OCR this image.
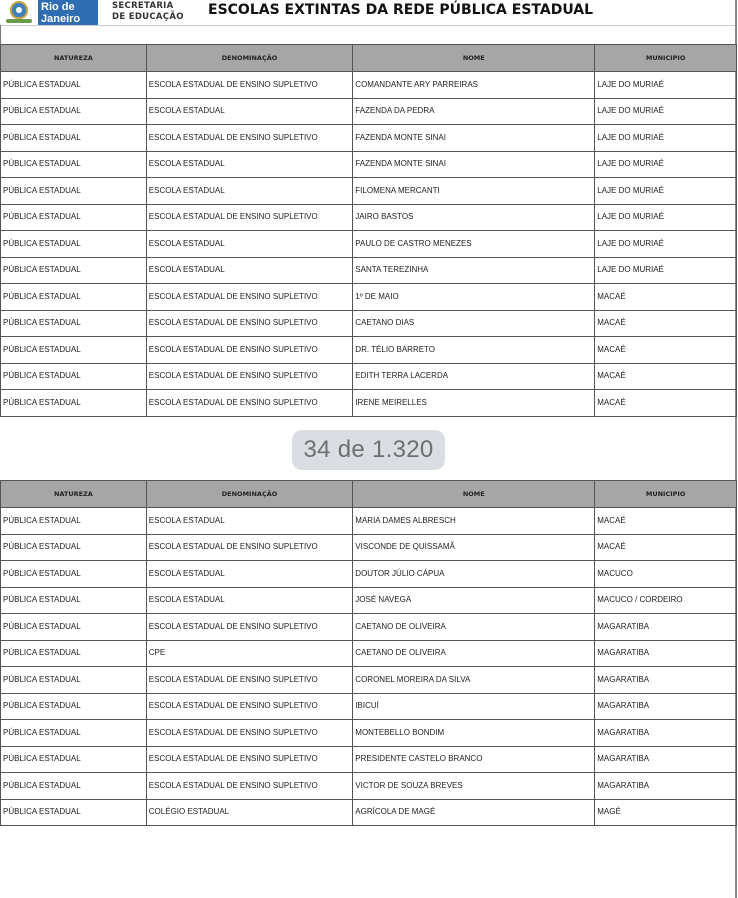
Rio de
Janeiro
SECRETARIA
DE EDUCAÇÃO ESCOLAS EXTINTAS DA REDE PÚBLICA ESTADUAL
NATUREZA	DENOMINAÇÃO	NOME	MUNICIPIO
PÚBLICA ESTADUAL	ESCOLA ESTADUAL DE ENSINO SUPLETIVO	COMANDANTE ARY PARREIRAS	LAJE DO MURIAÉ
PÚBLICA ESTADUAL	ESCOLA ESTADUAL	FAZENDA DA PEDRA	LAJE DO MURIAÉ
PÚBLICA ESTADUAL	ESCOLA ESTADUAL DE ENSINO SUPLETIVO	FAZENDA MONTE SINAI	LAJE DO MURIAÉ
PÚBLICA ESTADUAL	ESCOLA ESTADUAL	FAZENDA MONTE SINAI	LAJE DO MURIAÉ
PÚBLICA ESTADUAL	ESCOLA ESTADUAL	FILOMENA MERCANTI	LAJE DO MURIAÉ
PÚBLICA ESTADUAL	ESCOLA ESTADUAL DE ENSINO SUPLETIVO	JAIRO BASTOS	LAJE DO MURIAÉ
PÚBLICA ESTADUAL	ESCOLA ESTADUAL	PAULO DE CASTRO MENEZES	LAJE DO MURIAÉ
PÚBLICA ESTADUAL	ESCOLA ESTADUAL	SANTA TEREZINHA	LAJE DO MURIAÉ
PÚBLICA ESTADUAL	ESCOLA ESTADUAL DE ENSINO SUPLETIVO	1º DE MAIO	MACAÉ
PÚBLICA ESTADUAL	ESCOLA ESTADUAL DE ENSINO SUPLETIVO	CAETANO DIAS	MACAÉ
PÚBLICA ESTADUAL	ESCOLA ESTADUAL DE ENSINO SUPLETIVO	DR. TÉLIO BARRETO	MACAÉ
PÚBLICA ESTADUAL	ESCOLA ESTADUAL DE ENSINO SUPLETIVO	EDITH TERRA LACERDA	MACAÉ
PÚBLICA ESTADUAL	ESCOLA ESTADUAL DE ENSINO SUPLETIVO	IRENE MEIRELLES	MACAÉ
NATUREZA	DENOMINAÇÃO	NOME	MUNICIPIO
PÚBLICA ESTADUAL	ESCOLA ESTADUAL	MARIA DAMES ALBRESCH	MACAÉ
PÚBLICA ESTADUAL	ESCOLA ESTADUAL DE ENSINO SUPLETIVO	VISCONDE DE QUISSAMÃ	MACAÉ
PÚBLICA ESTADUAL	ESCOLA ESTADUAL	DOUTOR JÚLIO CÁPUA	MACUCO
PÚBLICA ESTADUAL	ESCOLA ESTADUAL	JOSÉ NAVEGA	MACUCO / CORDEIRO
PÚBLICA ESTADUAL	ESCOLA ESTADUAL DE ENSINO SUPLETIVO	CAETANO DE OLIVEIRA	MAGARATIBA
PÚBLICA ESTADUAL	CPE	CAETANO DE OLIVEIRA	MAGARATIBA
PÚBLICA ESTADUAL	ESCOLA ESTADUAL DE ENSINO SUPLETIVO	CORONEL MOREIRA DA SILVA	MAGARATIBA
PÚBLICA ESTADUAL	ESCOLA ESTADUAL DE ENSINO SUPLETIVO	IBICUÍ	MAGARATIBA
PÚBLICA ESTADUAL	ESCOLA ESTADUAL DE ENSINO SUPLETIVO	MONTEBELLO BONDIM	MAGARATIBA
PÚBLICA ESTADUAL	ESCOLA ESTADUAL DE ENSINO SUPLETIVO	PRESIDENTE CASTELO BRANCO	MAGARATIBA
PÚBLICA ESTADUAL	ESCOLA ESTADUAL DE ENSINO SUPLETIVO	VICTOR DE SOUZA BREVES	MAGARATIBA
PÚBLICA ESTADUAL	COLÉGIO ESTADUAL	AGRÍCOLA DE MAGÉ	MAGÉ
34 de 1.320
